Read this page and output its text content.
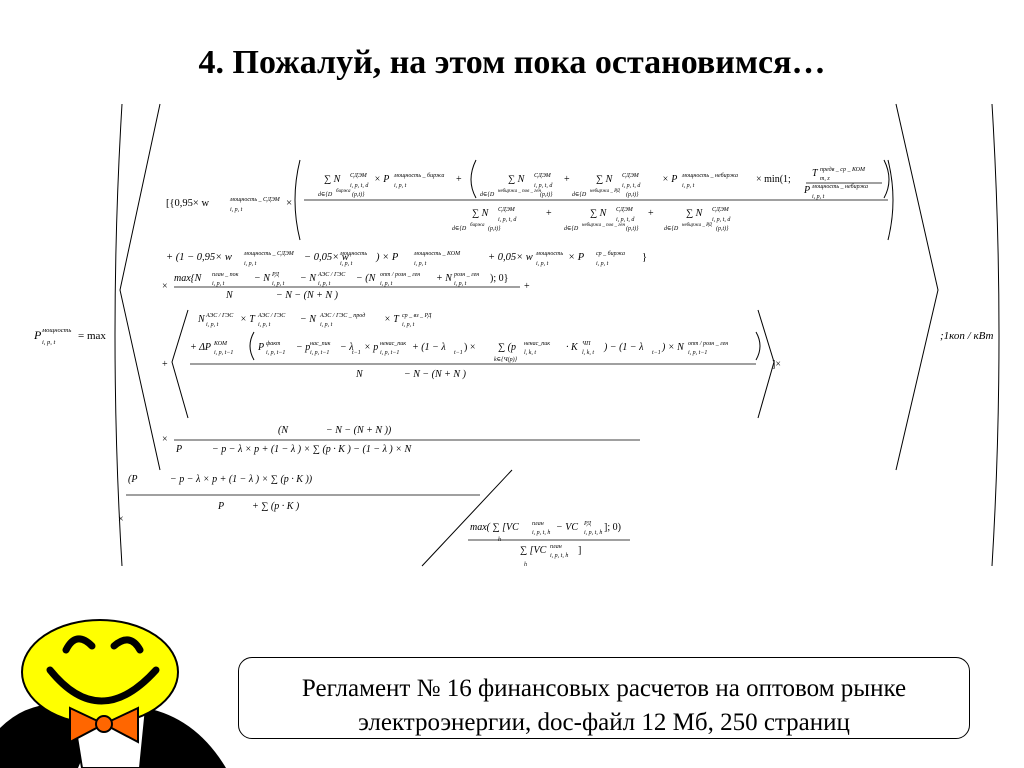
4. Пожалуй, на этом пока остановимся…
P мощность
i, p, t
= max	;1коп / кВт
[{0,95× w	мощность _ СДЭМ
i, p, t
×
∑ N СДЭМ
i, p, t, d
× P мощность _ биржа
i, p, t
+
d∈{D
биржа
(p,t)}
∑ N СДЭМ
i, p, t, d
+
d∈{D
небиржа _ пов _ ген
(p,t)}
∑ N СДЭМ
i, p, t, d
d∈{D
небиржа _ РД
(p,t)}
× P мощность _ небиржа
i, p, t
× min(1;
T прeдв _ ср _ КОМ
m, z
P мощность _ небиржа
i, p, t
∑ N СДЭМ
i, p, t, d
+	∑ N СДЭМ
i, p, t, d
+	∑ N СДЭМ
i, p, t, d
d∈{D
биржа
(p,t)}	d∈{D
небиржа _ пов _ ген
(p,t)}	d∈{D
небиржа _ РД
(p,t)}
+ (1 − 0,95× w мощность _ СДЭМ
i, p, t
− 0,05× w
мощность
i, p, t
) × P	мощность _ КОМ
i, p, t
+ 0,05× w мощность
i, p, t
× P ср _ биржа
i, p, t
}
×
max{N план _ пок
i, p, t	− N РД
i, p, t − N АЭС / ГЭС
i, p, t	− (N опт / розн _ ген
i, p, t	+ N розн _ ген
i, p, t ); 0}
N	− N − (N + N )
+
N АЭС / ГЭС
i, p, t × T АЭС / ГЭС
i, p, t	− N АЭС / ГЭС _ прод
i, p, t	× T ср _ вз _ РД
i, p, t
+
+ ΔP КОМ
i, p, t−1 P факт
i, p, t−1 − p нас_пик
i, p, t−1 − λ
t−1 × p ненас_пик
i, p, t−1 + (1 − λ t−1 ) × ∑ (p ненас_пик
l, k, t	· K ЧП
l, k, t
k∈{Ч(p)}
) − (1 − λ t−1 ) × N опт / розн _ ген
i, p, t−1
N	− N − (N + N )
]×
×
(N	− N − (N + N ))
P	− p − λ × p + (1 − λ ) × ∑ (p · K ) − (1 − λ ) × N
(P	− p − λ × p + (1 − λ ) × ∑ (p · K ))
P	+ ∑ (p · K )
×
max( ∑ [VC план
i, p, t, h − VC РД
i, p, t, h ]; 0)
h
∑ [VC план
i, p, t, h ]
h
Регламент № 16 финансовых расчетов на оптовом рынке
электроэнергии, doc-файл 12 Мб, 250 страниц
